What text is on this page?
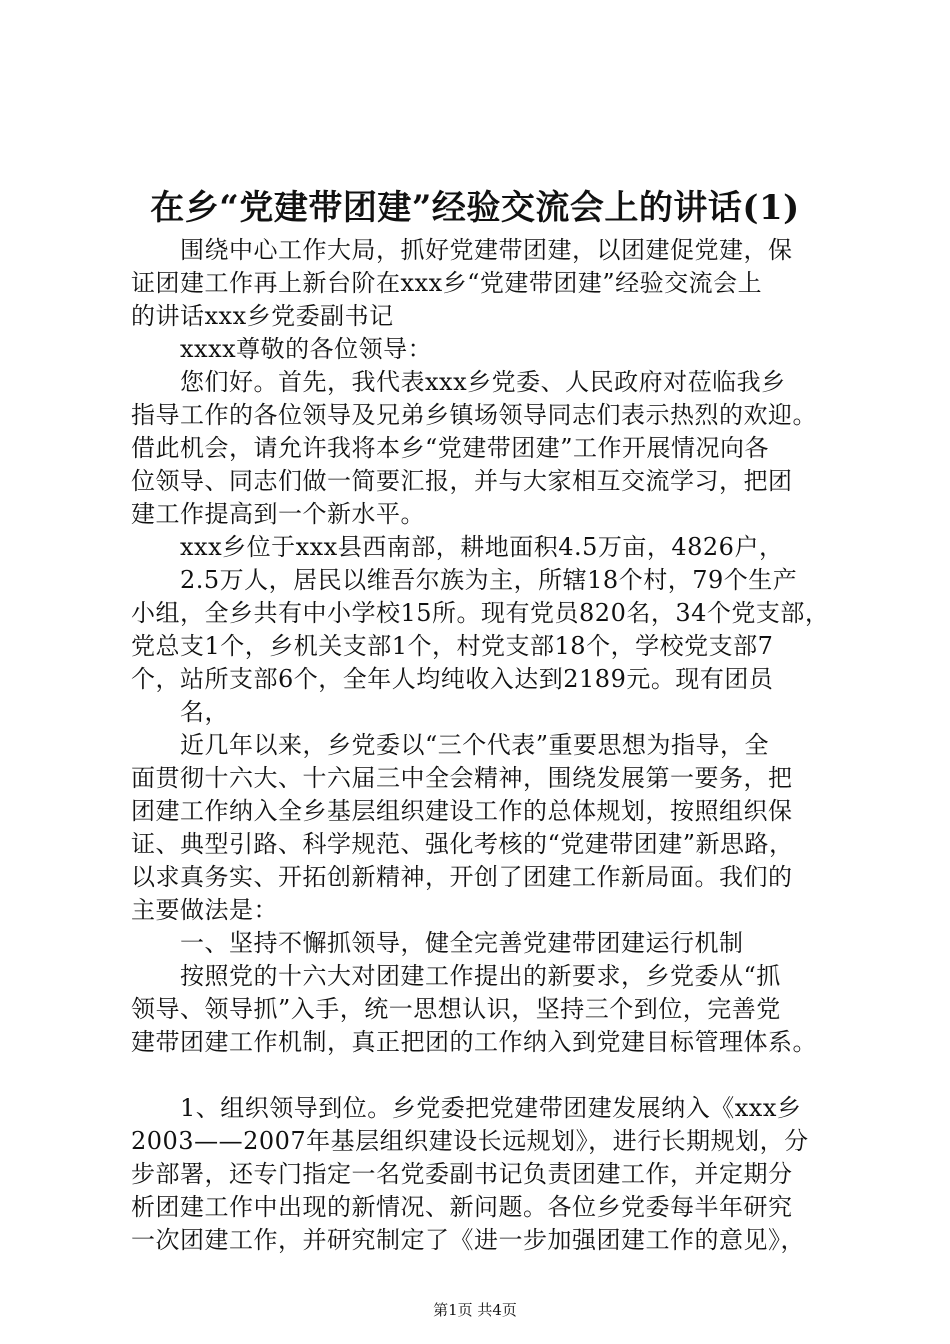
在乡“党建带团建”经验交流会上的讲话(1)
　　围绕中心工作大局，抓好党建带团建，以团建促党建，保
证团建工作再上新台阶在xxx乡“党建带团建”经验交流会上
的讲话xxx乡党委副书记
　　xxxx尊敬的各位领导：
　　您们好。首先，我代表xxx乡党委、人民政府对莅临我乡
指导工作的各位领导及兄弟乡镇场领导同志们表示热烈的欢迎。
借此机会，请允许我将本乡“党建带团建”工作开展情况向各
位领导、同志们做一简要汇报，并与大家相互交流学习，把团
建工作提高到一个新水平。
　　xxx乡位于xxx县西南部，耕地面积4.5万亩，4826户，
　　2.5万人，居民以维吾尔族为主，所辖18个村，79个生产
小组，全乡共有中小学校15所。现有党员820名，34个党支部，
党总支1个，乡机关支部1个，村党支部18个，学校党支部7
个，站所支部6个，全年人均纯收入达到2189元。现有团员
　　名，
　　近几年以来，乡党委以“三个代表”重要思想为指导，全
面贯彻十六大、十六届三中全会精神，围绕发展第一要务，把
团建工作纳入全乡基层组织建设工作的总体规划，按照组织保
证、典型引路、科学规范、强化考核的“党建带团建”新思路，
以求真务实、开拓创新精神，开创了团建工作新局面。我们的
主要做法是：
　　一、坚持不懈抓领导，健全完善党建带团建运行机制
　　按照党的十六大对团建工作提出的新要求，乡党委从“抓
领导、领导抓”入手，统一思想认识，坚持三个到位，完善党
建带团建工作机制，真正把团的工作纳入到党建目标管理体系。
　　1、组织领导到位。乡党委把党建带团建发展纳入《xxx乡
2003——2007年基层组织建设长远规划》，进行长期规划，分
步部署，还专门指定一名党委副书记负责团建工作，并定期分
析团建工作中出现的新情况、新问题。各位乡党委每半年研究
一次团建工作，并研究制定了《进一步加强团建工作的意见》，
第1页 共4页
